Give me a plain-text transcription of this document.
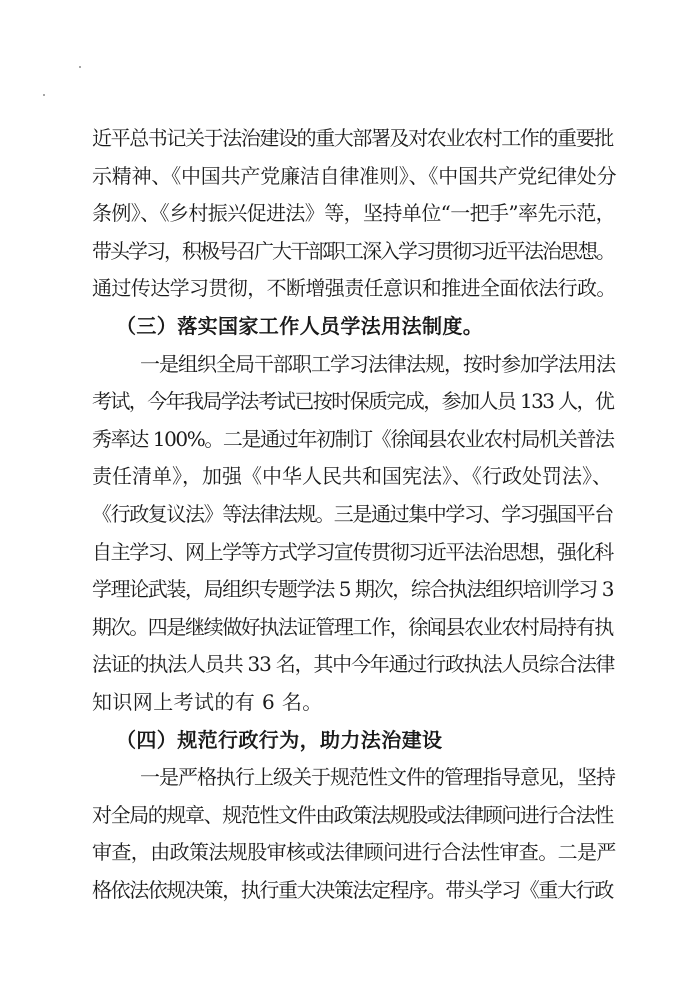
近平总书记关于法治建设的重大部署及对农业农村工作的重要批
示精神、《中国共产党廉洁自律准则》、《中国共产党纪律处分
条例》、《乡村振兴促进法》等，坚持单位“一把手”率先示范，
带头学习，积极号召广大干部职工深入学习贯彻习近平法治思想。
通过传达学习贯彻，不断增强责任意识和推进全面依法行政。
（三）落实国家工作人员学法用法制度。
一是组织全局干部职工学习法律法规，按时参加学法用法
考试，今年我局学法考试已按时保质完成，参加人员 133 人，优
秀率达 100%。二是通过年初制订《徐闻县农业农村局机关普法
责任清单》，加强《中华人民共和国宪法》、《行政处罚法》、
《行政复议法》等法律法规。三是通过集中学习、学习强国平台
自主学习、网上学等方式学习宣传贯彻习近平法治思想，强化科
学理论武装，局组织专题学法 5 期次，综合执法组织培训学习 3
期次。四是继续做好执法证管理工作，徐闻县农业农村局持有执
法证的执法人员共 33 名，其中今年通过行政执法人员综合法律
知识网上考试的有 6 名。
（四）规范行政行为，助力法治建设
一是严格执行上级关于规范性文件的管理指导意见，坚持
对全局的规章、规范性文件由政策法规股或法律顾问进行合法性
审查，由政策法规股审核或法律顾问进行合法性审查。二是严
格依法依规决策，执行重大决策法定程序。带头学习《重大行政
